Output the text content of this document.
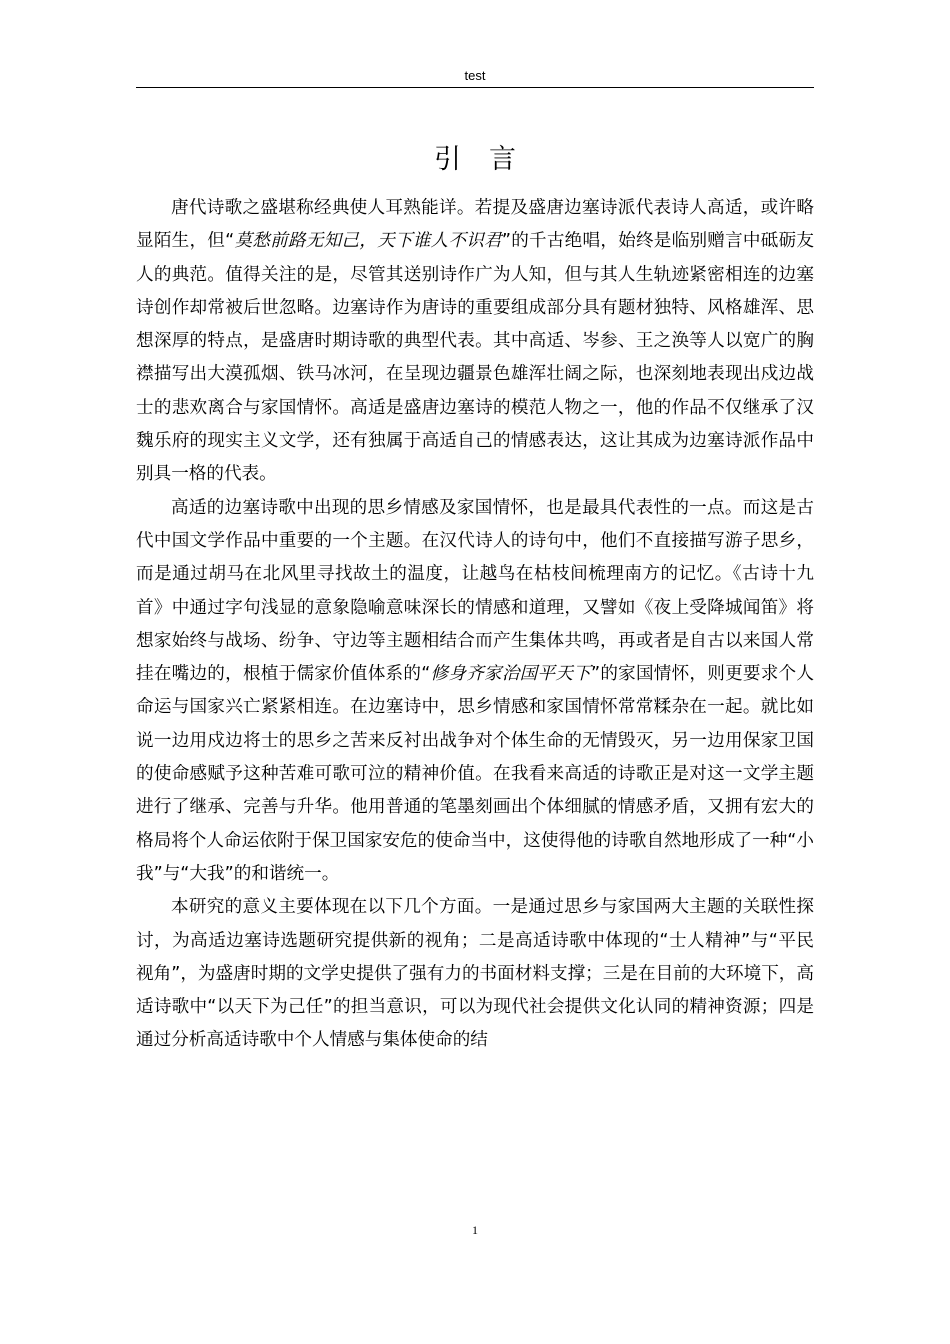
test
引言

唐代诗歌之盛堪称经典使人耳熟能详。若提及盛唐边塞诗派代表诗人高适，或许略显陌生，但“莫愁前路无知己，天下谁人不识君”的千古绝唱，始终是临别赠言中砥砺友人的典范。值得关注的是，尽管其送别诗作广为人知，但与其人生轨迹紧密相连的边塞诗创作却常被后世忽略。边塞诗作为唐诗的重要组成部分具有题材独特、风格雄浑、思想深厚的特点，是盛唐时期诗歌的典型代表。其中高适、岑参、王之涣等人以宽广的胸襟描写出大漠孤烟、铁马冰河，在呈现边疆景色雄浑壮阔之际，也深刻地表现出戍边战士的悲欢离合与家国情怀。高适是盛唐边塞诗的模范人物之一，他的作品不仅继承了汉魏乐府的现实主义文学，还有独属于高适自己的情感表达，这让其成为边塞诗派作品中别具一格的代表。

高适的边塞诗歌中出现的思乡情感及家国情怀，也是最具代表性的一点。而这是古代中国文学作品中重要的一个主题。在汉代诗人的诗句中，他们不直接描写游子思乡，而是通过胡马在北风里寻找故土的温度，让越鸟在枯枝间梳理南方的记忆。《古诗十九首》中通过字句浅显的意象隐喻意味深长的情感和道理，又譬如《夜上受降城闻笛》将想家始终与战场、纷争、守边等主题相结合而产生集体共鸣，再或者是自古以来国人常挂在嘴边的，根植于儒家价值体系的“修身齐家治国平天下”的家国情怀，则更要求个人命运与国家兴亡紧紧相连。在边塞诗中，思乡情感和家国情怀常常糅杂在一起。就比如说一边用戍边将士的思乡之苦来反衬出战争对个体生命的无情毁灭，另一边用保家卫国的使命感赋予这种苦难可歌可泣的精神价值。在我看来高适的诗歌正是对这一文学主题进行了继承、完善与升华。他用普通的笔墨刻画出个体细腻的情感矛盾，又拥有宏大的格局将个人命运依附于保卫国家安危的使命当中，这使得他的诗歌自然地形成了一种“小我”与“大我”的和谐统一。

本研究的意义主要体现在以下几个方面。一是通过思乡与家国两大主题的关联性探讨，为高适边塞诗选题研究提供新的视角；二是高适诗歌中体现的“士人精神”与“平民视角”，为盛唐时期的文学史提供了强有力的书面材料支撑；三是在目前的大环境下，高适诗歌中“以天下为己任”的担当意识，可以为现代社会提供文化认同的精神资源；四是通过分析高适诗歌中个人情感与集体使命的结

1
